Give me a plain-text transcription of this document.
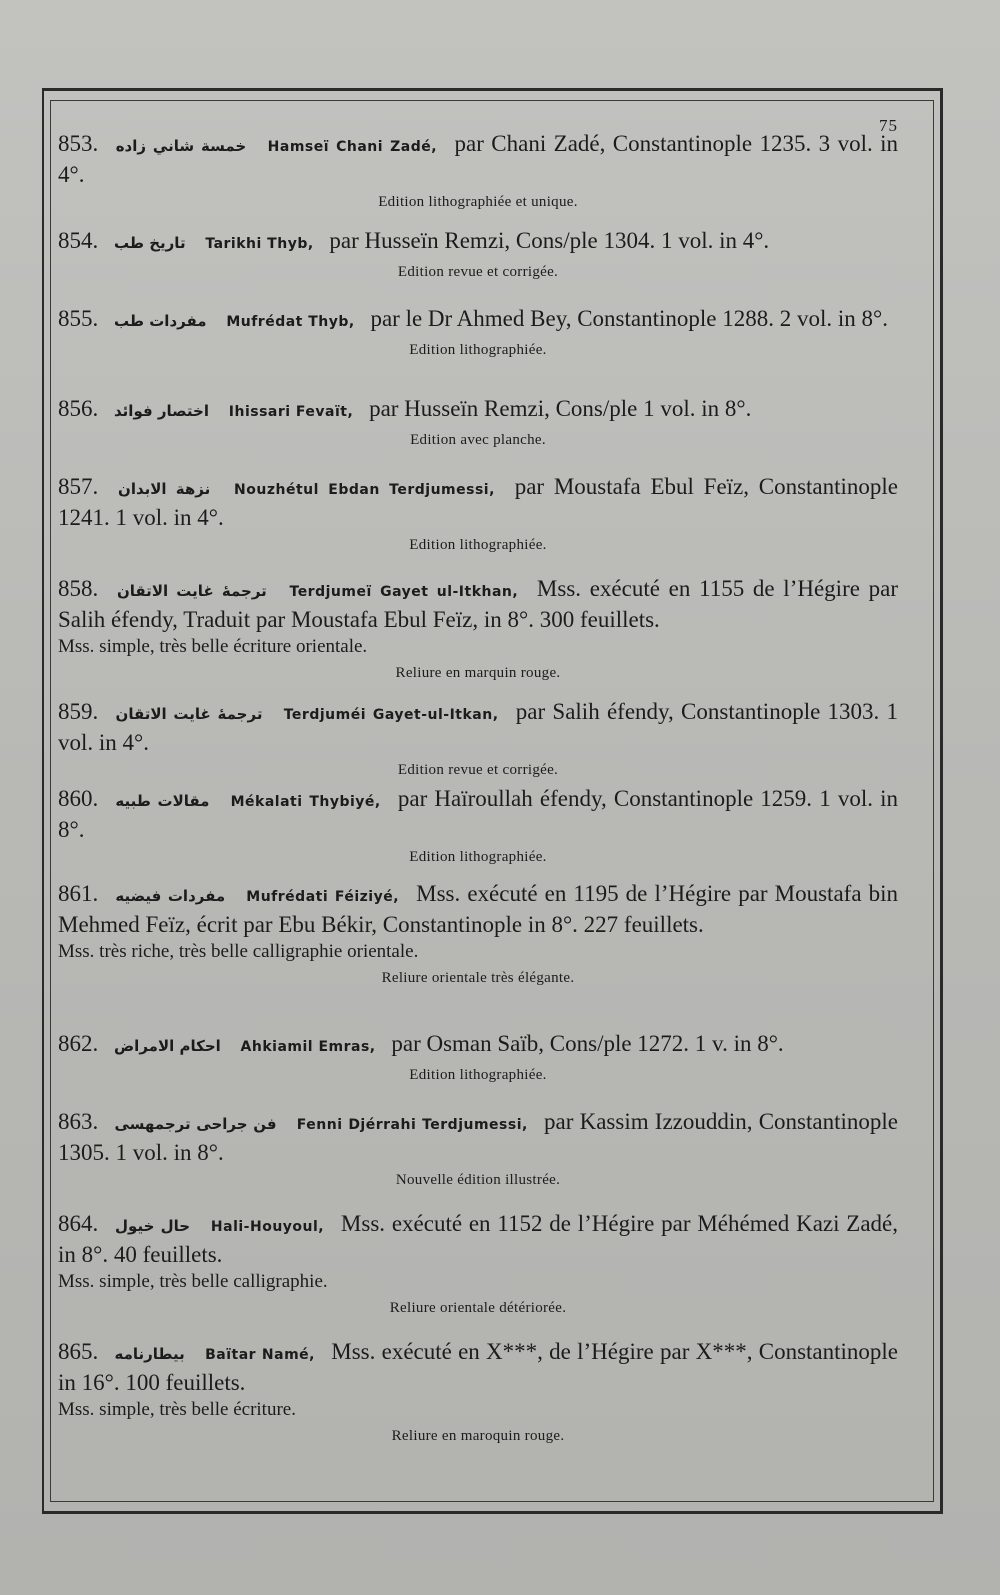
75
853. خمسة شاني زاده Hamseï Chani Zadé, par Chani Zadé, Constantinople 1235. 3 vol. in 4°.
Edition lithographiée et unique.
854. تاريخ طب Tarikhi Thyb, par Husseïn Remzi, Cons/ple 1304. 1 vol. in 4°.
Edition revue et corrigée.
855. مفردات طب Mufrédat Thyb, par le Dr Ahmed Bey, Constantinople 1288. 2 vol. in 8°.
Edition lithographiée.
856. اختصار فوائد Ihissari Fevaït, par Husseïn Remzi, Cons/ple 1 vol. in 8°.
Edition avec planche.
857. نزهة الابدان Nouzhétul Ebdan Terdjumessi, par Moustafa Ebul Feïz, Constantinople 1241. 1 vol. in 4°.
Edition lithographiée.
858. ترجمهٔ غايت الاتقان Terdjumeï Gayet ul-Itkhan, Mss. exécuté en 1155 de l’Hégire par Salih éfendy, Traduit par Moustafa Ebul Feïz, in 8°. 300 feuillets.
Mss. simple, très belle écriture orientale.
Reliure en marquin rouge.
859. ترجمهٔ غايت الاتقان Terdjuméi Gayet-ul-Itkan, par Salih éfendy, Constantinople 1303. 1 vol. in 4°.
Edition revue et corrigée.
860. مقالات طبيه Mékalati Thybiyé, par Haïroullah éfendy, Constantinople 1259. 1 vol. in 8°.
Edition lithographiée.
861. مفردات فيضيه Mufrédati Féiziyé, Mss. exécuté en 1195 de l’Hégire par Moustafa bin Mehmed Feïz, écrit par Ebu Békir, Constantinople in 8°. 227 feuillets.
Mss. très riche, très belle calligraphie orientale.
Reliure orientale très élégante.
862. احكام الامراض Ahkiamil Emras, par Osman Saïb, Cons/ple 1272. 1 v. in 8°.
Edition lithographiée.
863. فن جراحى ترجمهسى Fenni Djérrahi Terdjumessi, par Kassim Izzouddin, Constantinople 1305. 1 vol. in 8°.
Nouvelle édition illustrée.
864. حال خيول Hali-Houyoul, Mss. exécuté en 1152 de l’Hégire par Méhémed Kazi Zadé, in 8°. 40 feuillets.
Mss. simple, très belle calligraphie.
Reliure orientale détériorée.
865. بيطارنامه Baïtar Namé, Mss. exécuté en X***, de l’Hégire par X***, Constantinople in 16°. 100 feuillets.
Mss. simple, très belle écriture.
Reliure en maroquin rouge.
